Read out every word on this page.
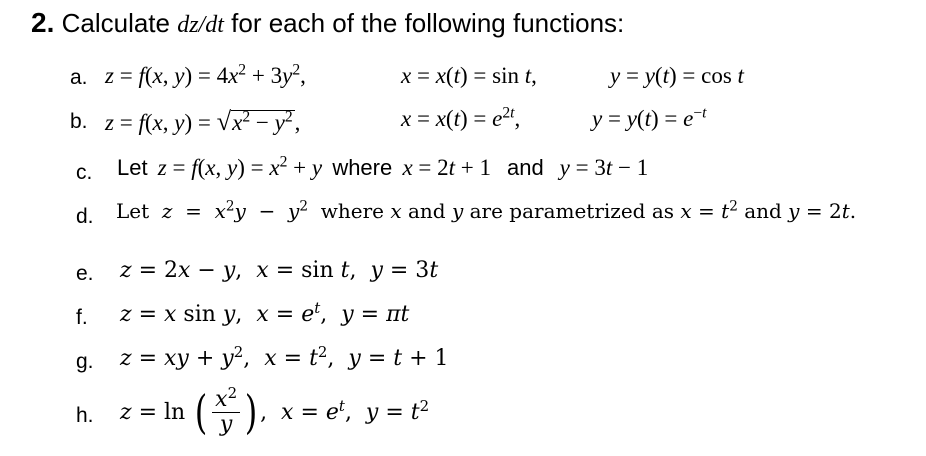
2. Calculate dz/dt for each of the following functions:
a. z = f(x, $y) = 4x^2 + 3y^2$,	x = x(t) = sin t,	y = y(t) = cos t
b. z = f(x, $y) = √x^2 - y^2$,	$x = x(t) = e^{2t}$,	$y = y(t) = e^{-t}$
c. Let z = f(x, $y) = x^2 + y$ where x = 2t + 1   and y = 3t − 1
d. Let $z = x^2y - y^2$ where x and y are parametrized as $x = t^2$ and y = 2t.
e. z = 2x − y,  x = sin t,  y = 3t
f. z = x sin y,  $x = e^t$,  y = πt
g. z = xy + $y^2$,  $x = t^2$,  y = t + 1
h. z = ln ( $\frac{x^2}{y}$ ) ,  $x = e^t$,  $y = t^2$
